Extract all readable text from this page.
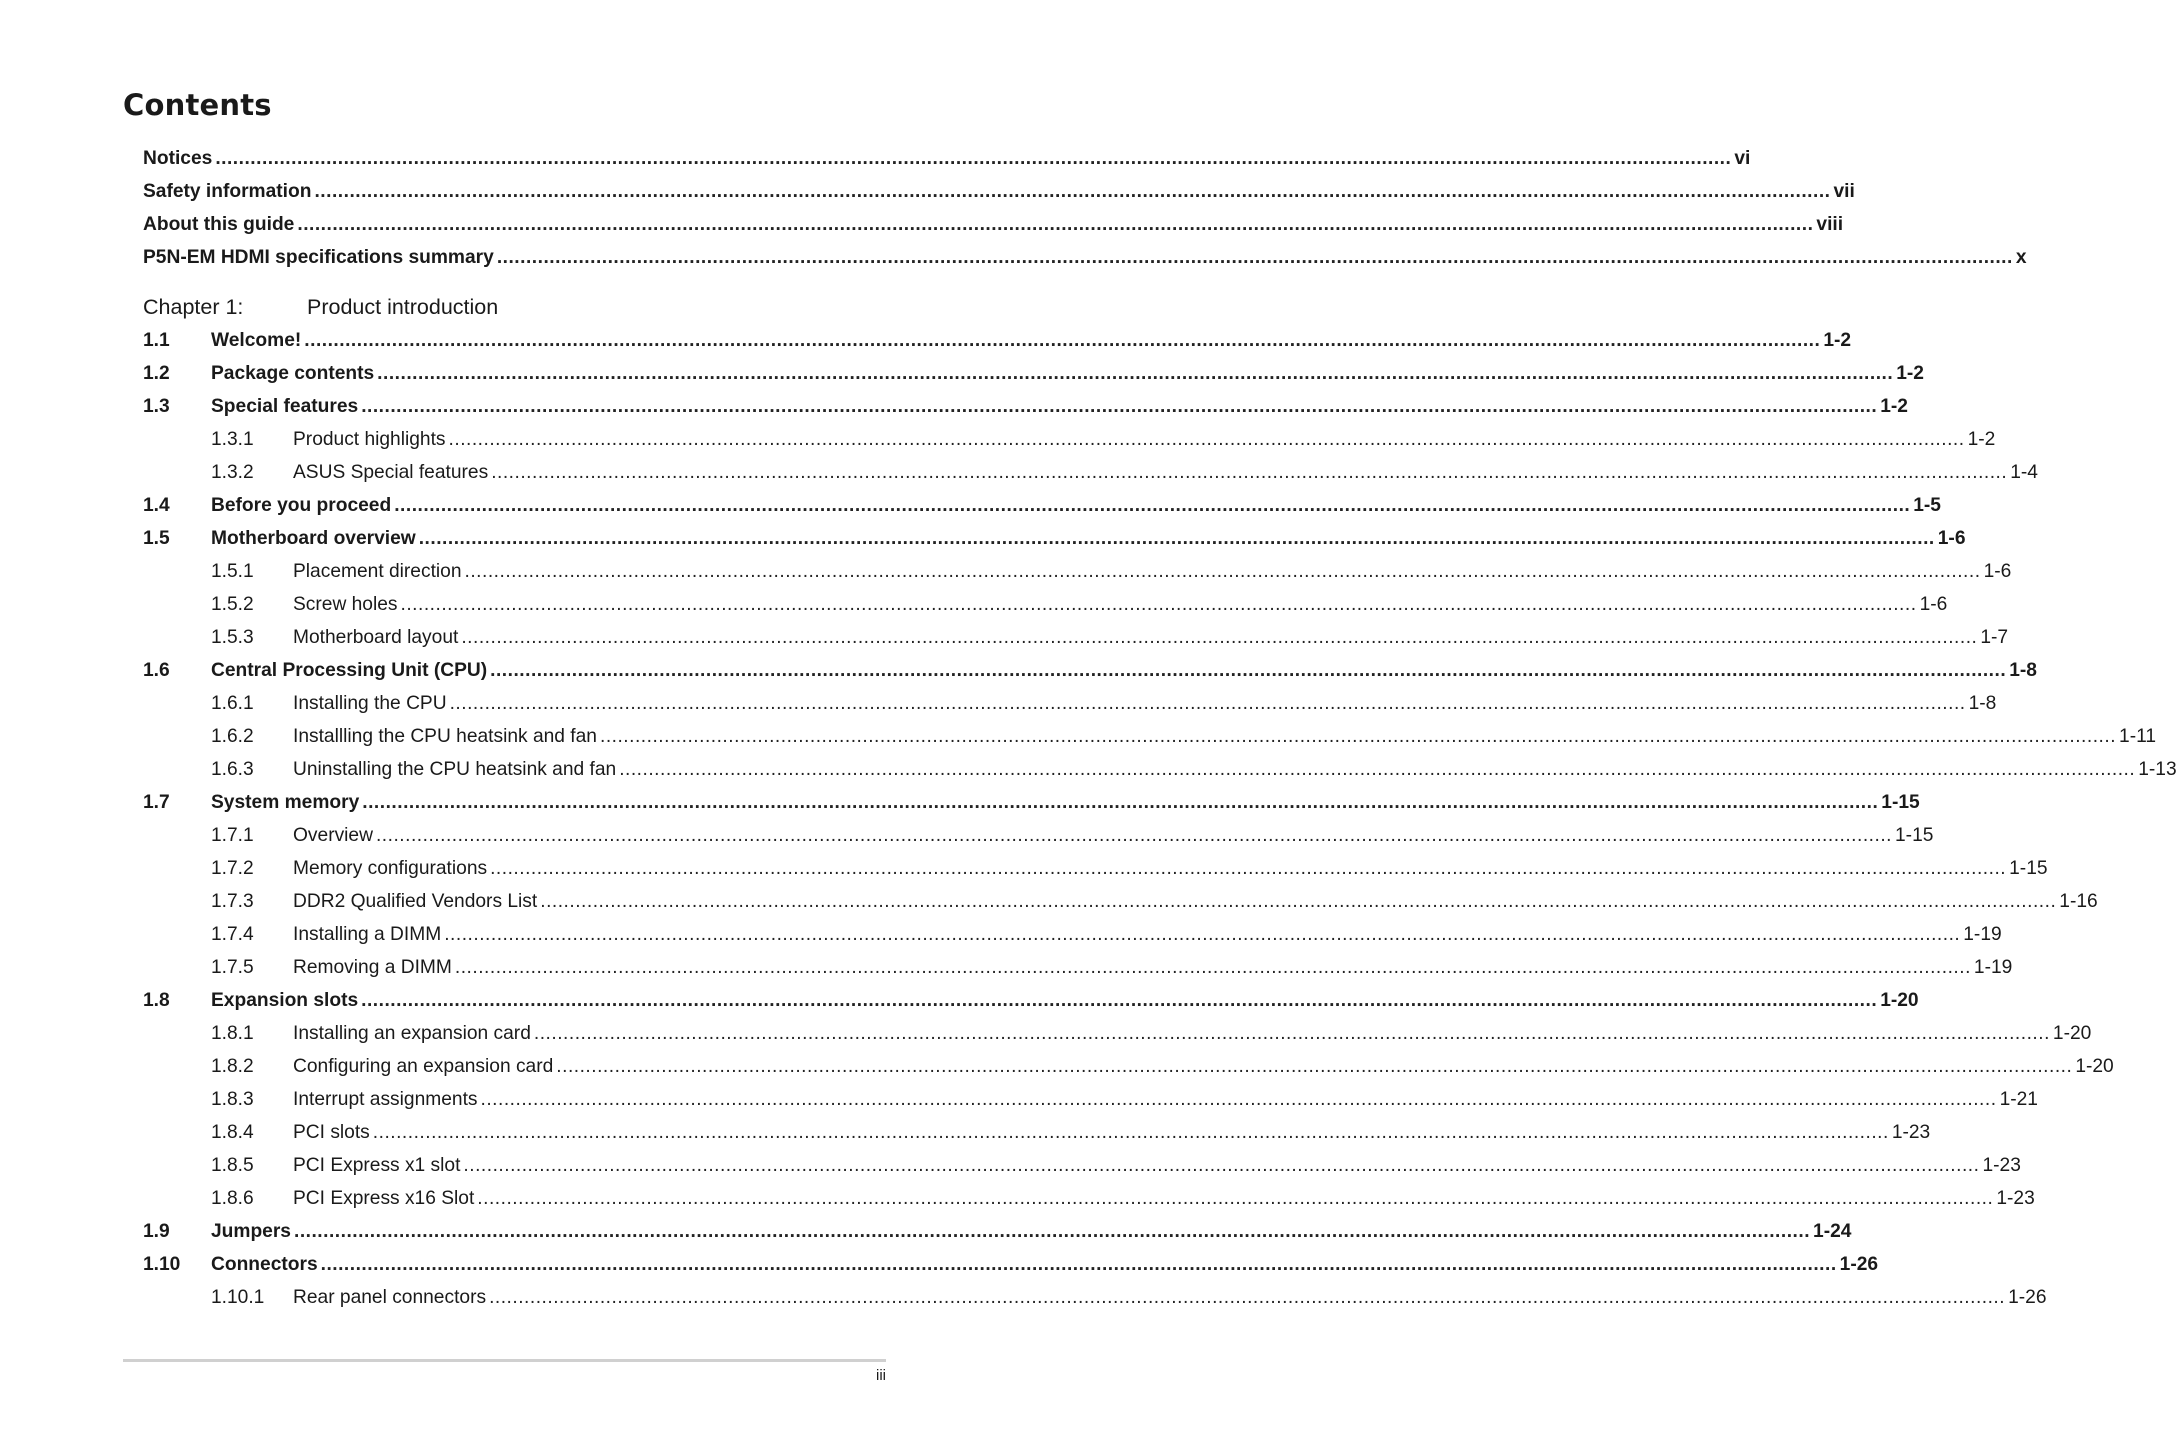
Contents
Notices .................................................................................................................................................................................................................................................................... vi
Safety information .................................................................................................................................................................................................................................................................... vii
About this guide .................................................................................................................................................................................................................................................................... viii
P5N-EM HDMI specifications summary .................................................................................................................................................................................................................................................................... x
Chapter 1:	Product introduction
1.1	Welcome! .................................................................................................................................................................................................................................................................... 1-2
1.2	Package contents .................................................................................................................................................................................................................................................................... 1-2
1.3	Special features .................................................................................................................................................................................................................................................................... 1-2
1.3.1	Product highlights .................................................................................................................................................................................................................................................................... 1-2
1.3.2	ASUS Special features .................................................................................................................................................................................................................................................................... 1-4
1.4	Before you proceed .................................................................................................................................................................................................................................................................... 1-5
1.5	Motherboard overview .................................................................................................................................................................................................................................................................... 1-6
1.5.1	Placement direction .................................................................................................................................................................................................................................................................... 1-6
1.5.2	Screw holes .................................................................................................................................................................................................................................................................... 1-6
1.5.3	Motherboard layout .................................................................................................................................................................................................................................................................... 1-7
1.6	Central Processing Unit (CPU) .................................................................................................................................................................................................................................................................... 1-8
1.6.1	Installing the CPU .................................................................................................................................................................................................................................................................... 1-8
1.6.2	Installling the CPU heatsink and fan .................................................................................................................................................................................................................................................................... 1-11
1.6.3	Uninstalling the CPU heatsink and fan .................................................................................................................................................................................................................................................................... 1-13
1.7	System memory .................................................................................................................................................................................................................................................................... 1-15
1.7.1	Overview .................................................................................................................................................................................................................................................................... 1-15
1.7.2	Memory configurations .................................................................................................................................................................................................................................................................... 1-15
1.7.3	DDR2 Qualified Vendors List .................................................................................................................................................................................................................................................................... 1-16
1.7.4	Installing a DIMM .................................................................................................................................................................................................................................................................... 1-19
1.7.5	Removing a DIMM .................................................................................................................................................................................................................................................................... 1-19
1.8	Expansion slots .................................................................................................................................................................................................................................................................... 1-20
1.8.1	Installing an expansion card .................................................................................................................................................................................................................................................................... 1-20
1.8.2	Configuring an expansion card .................................................................................................................................................................................................................................................................... 1-20
1.8.3	Interrupt assignments .................................................................................................................................................................................................................................................................... 1-21
1.8.4	PCI slots .................................................................................................................................................................................................................................................................... 1-23
1.8.5	PCI Express x1 slot .................................................................................................................................................................................................................................................................... 1-23
1.8.6	PCI Express x16 Slot .................................................................................................................................................................................................................................................................... 1-23
1.9	Jumpers .................................................................................................................................................................................................................................................................... 1-24
1.10	Connectors .................................................................................................................................................................................................................................................................... 1-26
1.10.1	Rear panel connectors .................................................................................................................................................................................................................................................................... 1-26
iii
